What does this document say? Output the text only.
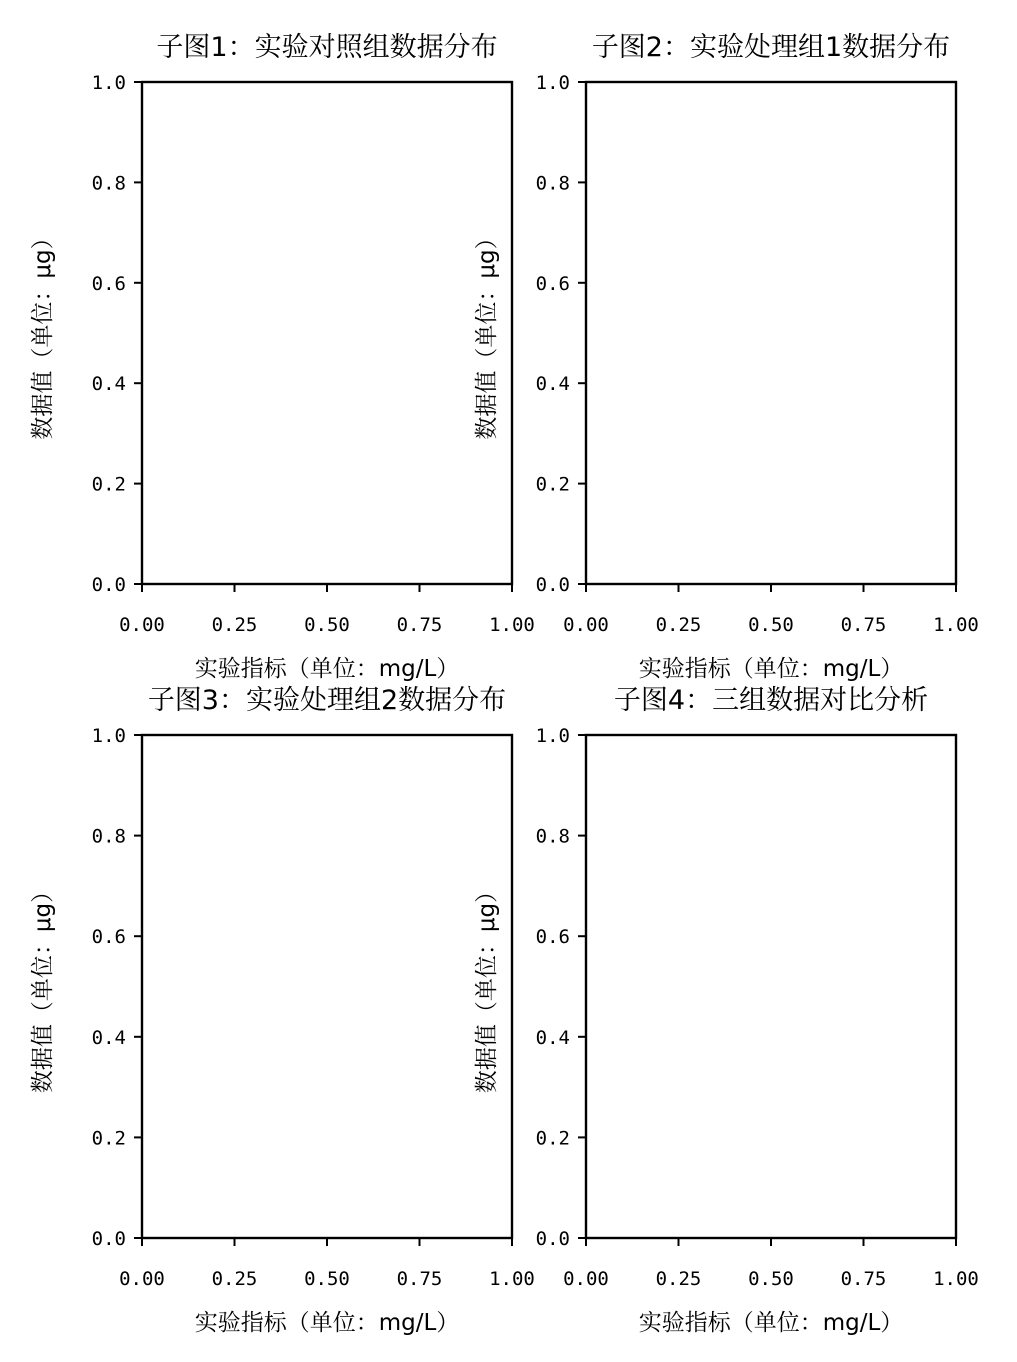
子图1：实验对照组数据分布
0.00 0.25 0.50 0.75 1.00
0.0
0.2
0.4
0.6
0.8
1.0
实验指标（单位：mg/L）
数据值（单位：μg）
子图2：实验处理组1数据分布
0.00 0.25 0.50 0.75 1.00
0.0
0.2
0.4
0.6
0.8
1.0
实验指标（单位：mg/L）
数据值（单位：μg）
子图3：实验处理组2数据分布
0.00 0.25 0.50 0.75 1.00
0.0
0.2
0.4
0.6
0.8
1.0
实验指标（单位：mg/L）
数据值（单位：μg）
子图4：三组数据对比分析
0.00 0.25 0.50 0.75 1.00
0.0
0.2
0.4
0.6
0.8
1.0
实验指标（单位：mg/L）
数据值（单位：μg）
